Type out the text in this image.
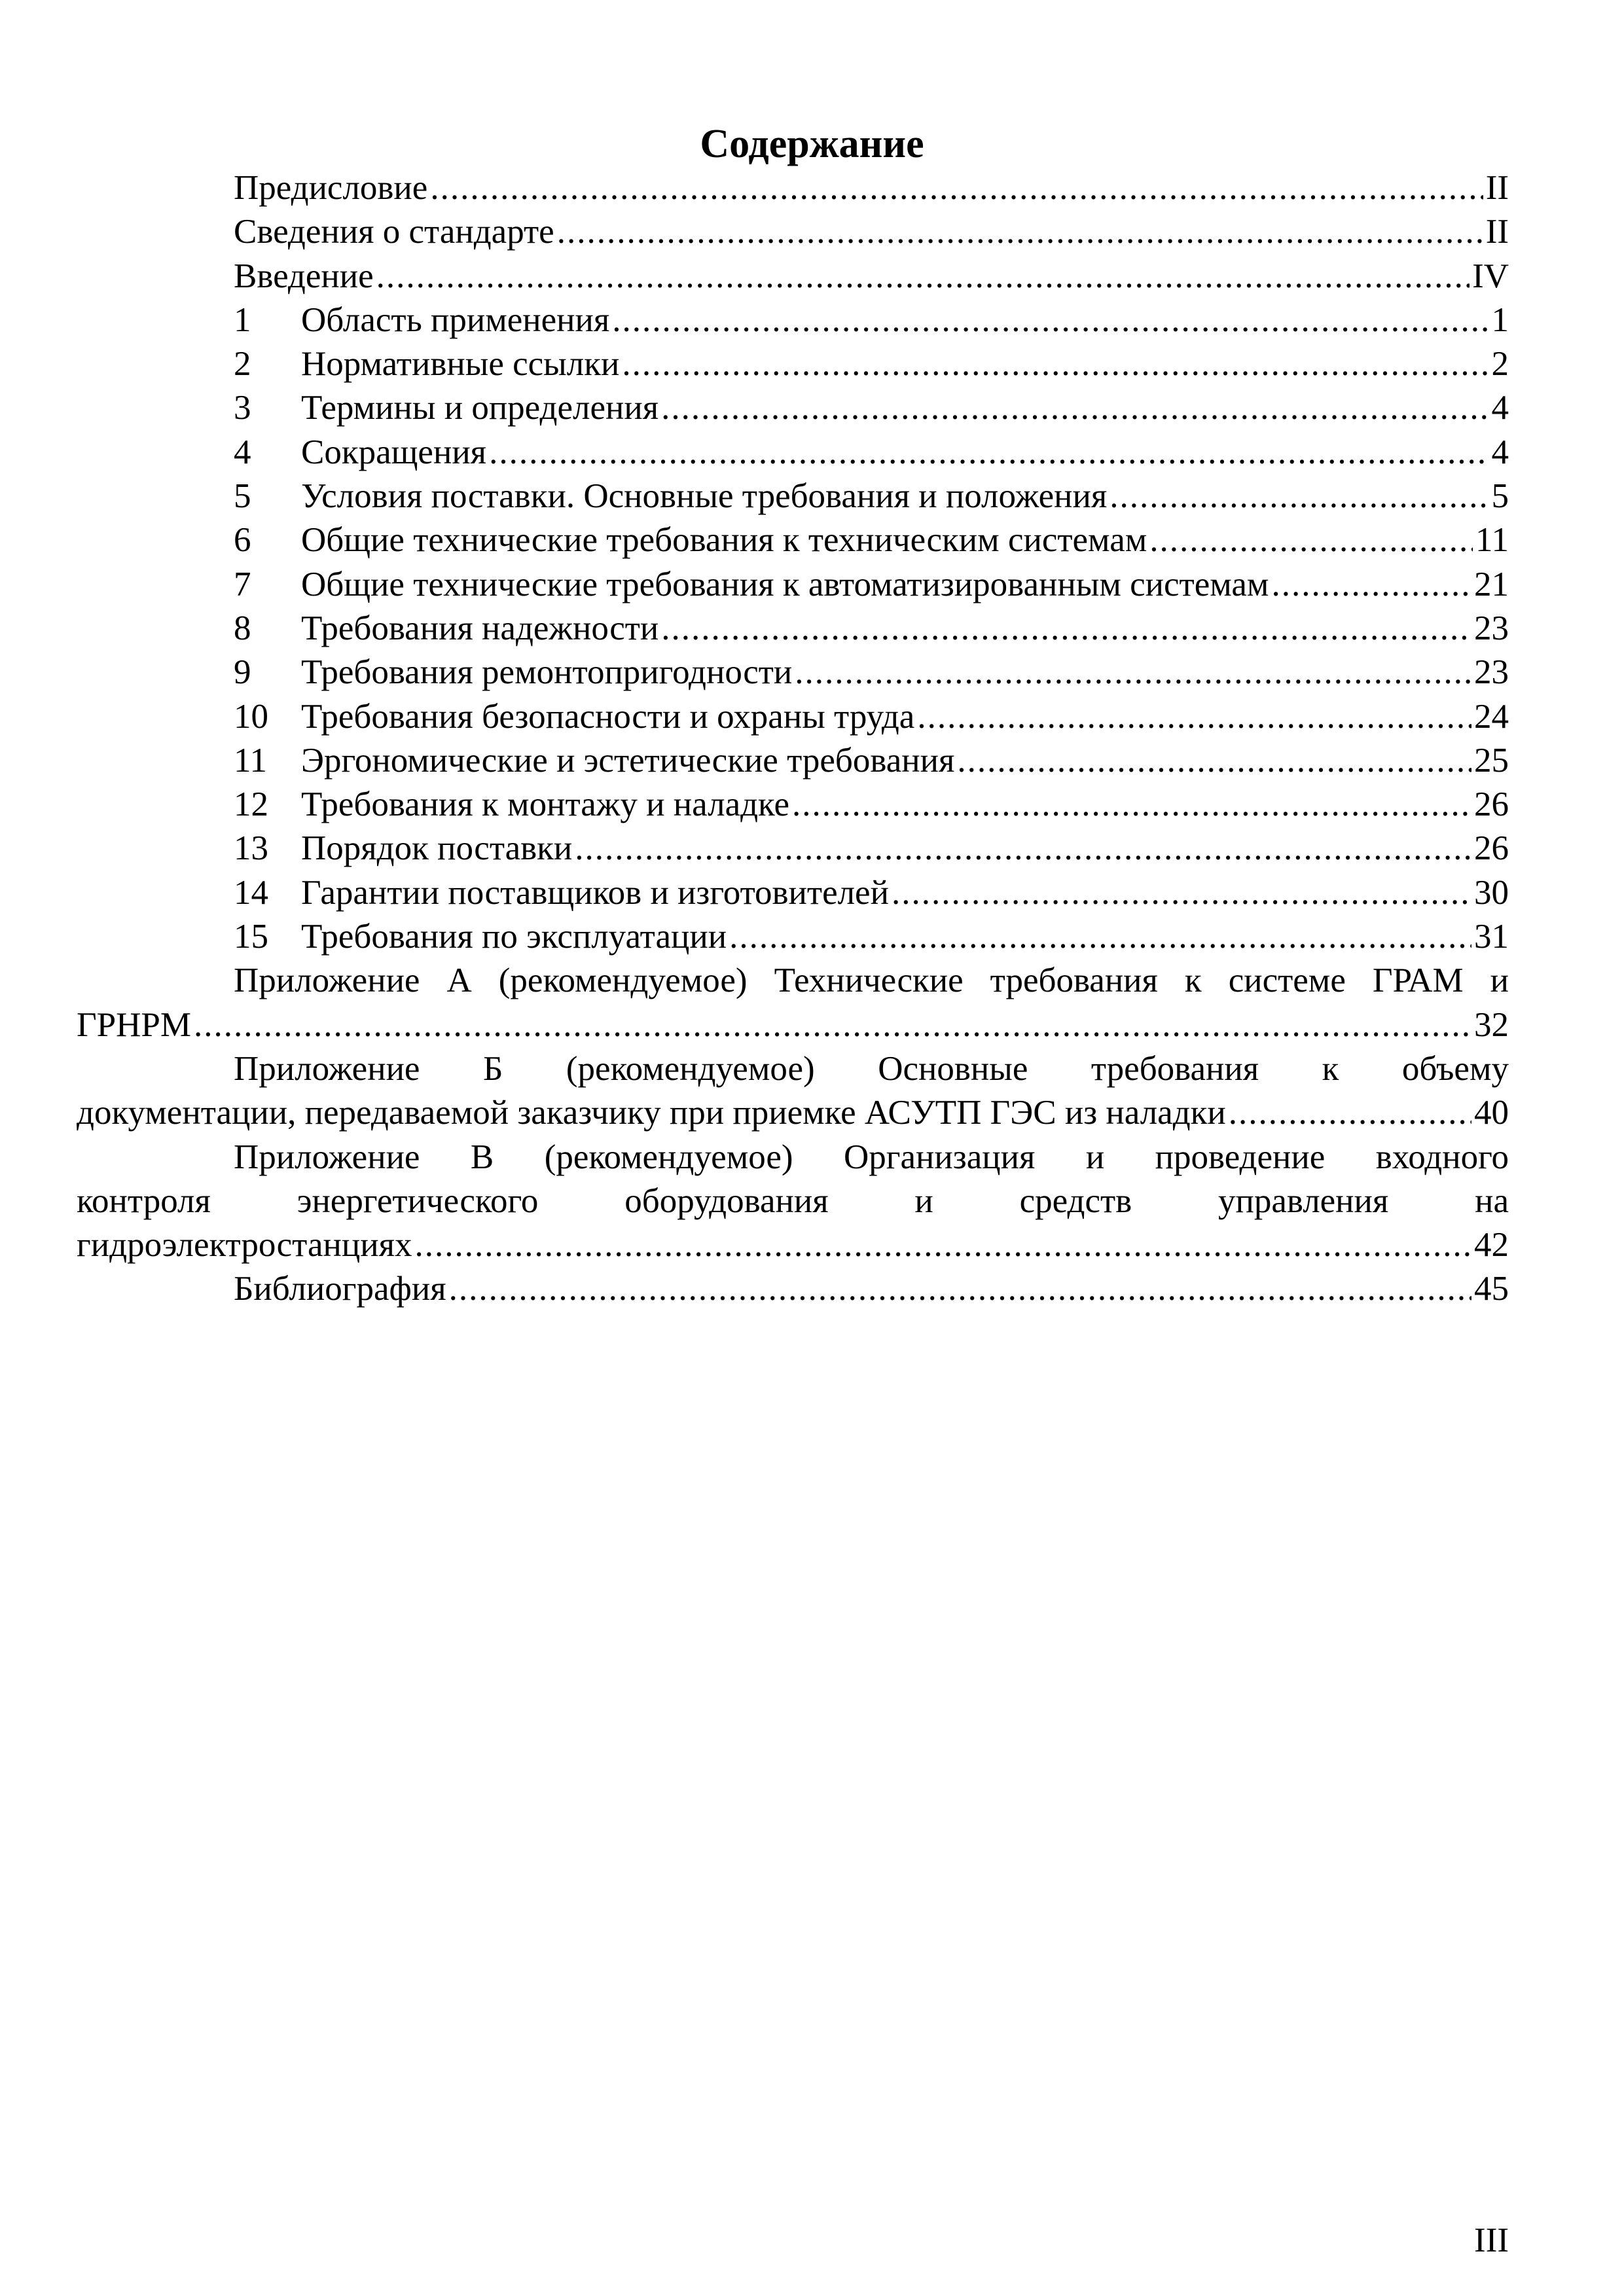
Содержание
Предисловие .....	II
Сведения о стандарте .....	II
Введение .....	IV
1	Область применения .....	1
2	Нормативные ссылки .....	2
3	Термины и определения .....	4
4	Сокращения .....	4
5	Условия поставки. Основные требования и положения .....	5
6	Общие технические требования к техническим системам .....	11
7	Общие технические требования к автоматизированным системам .....	21
8	Требования надежности .....	23
9	Требования ремонтопригодности .....	23
10 Требования безопасности и охраны труда .....	24
11 Эргономические и эстетические требования .....	25
12 Требования к монтажу и наладке .....	26
13 Порядок поставки .....	26
14 Гарантии поставщиков и изготовителей .....	30
15 Требования по эксплуатации .....	31
Приложение А (рекомендуемое) Технические требования к системе ГРАМ и
ГРНРМ .....	32
Приложение Б (рекомендуемое) Основные требования к объему
документации, передаваемой заказчику при приемке АСУТП ГЭС из наладки .....	40
Приложение В (рекомендуемое) Организация и проведение входного
контроля энергетического оборудования и средств управления на
гидроэлектростанциях .....	42
Библиография .....	45
III
